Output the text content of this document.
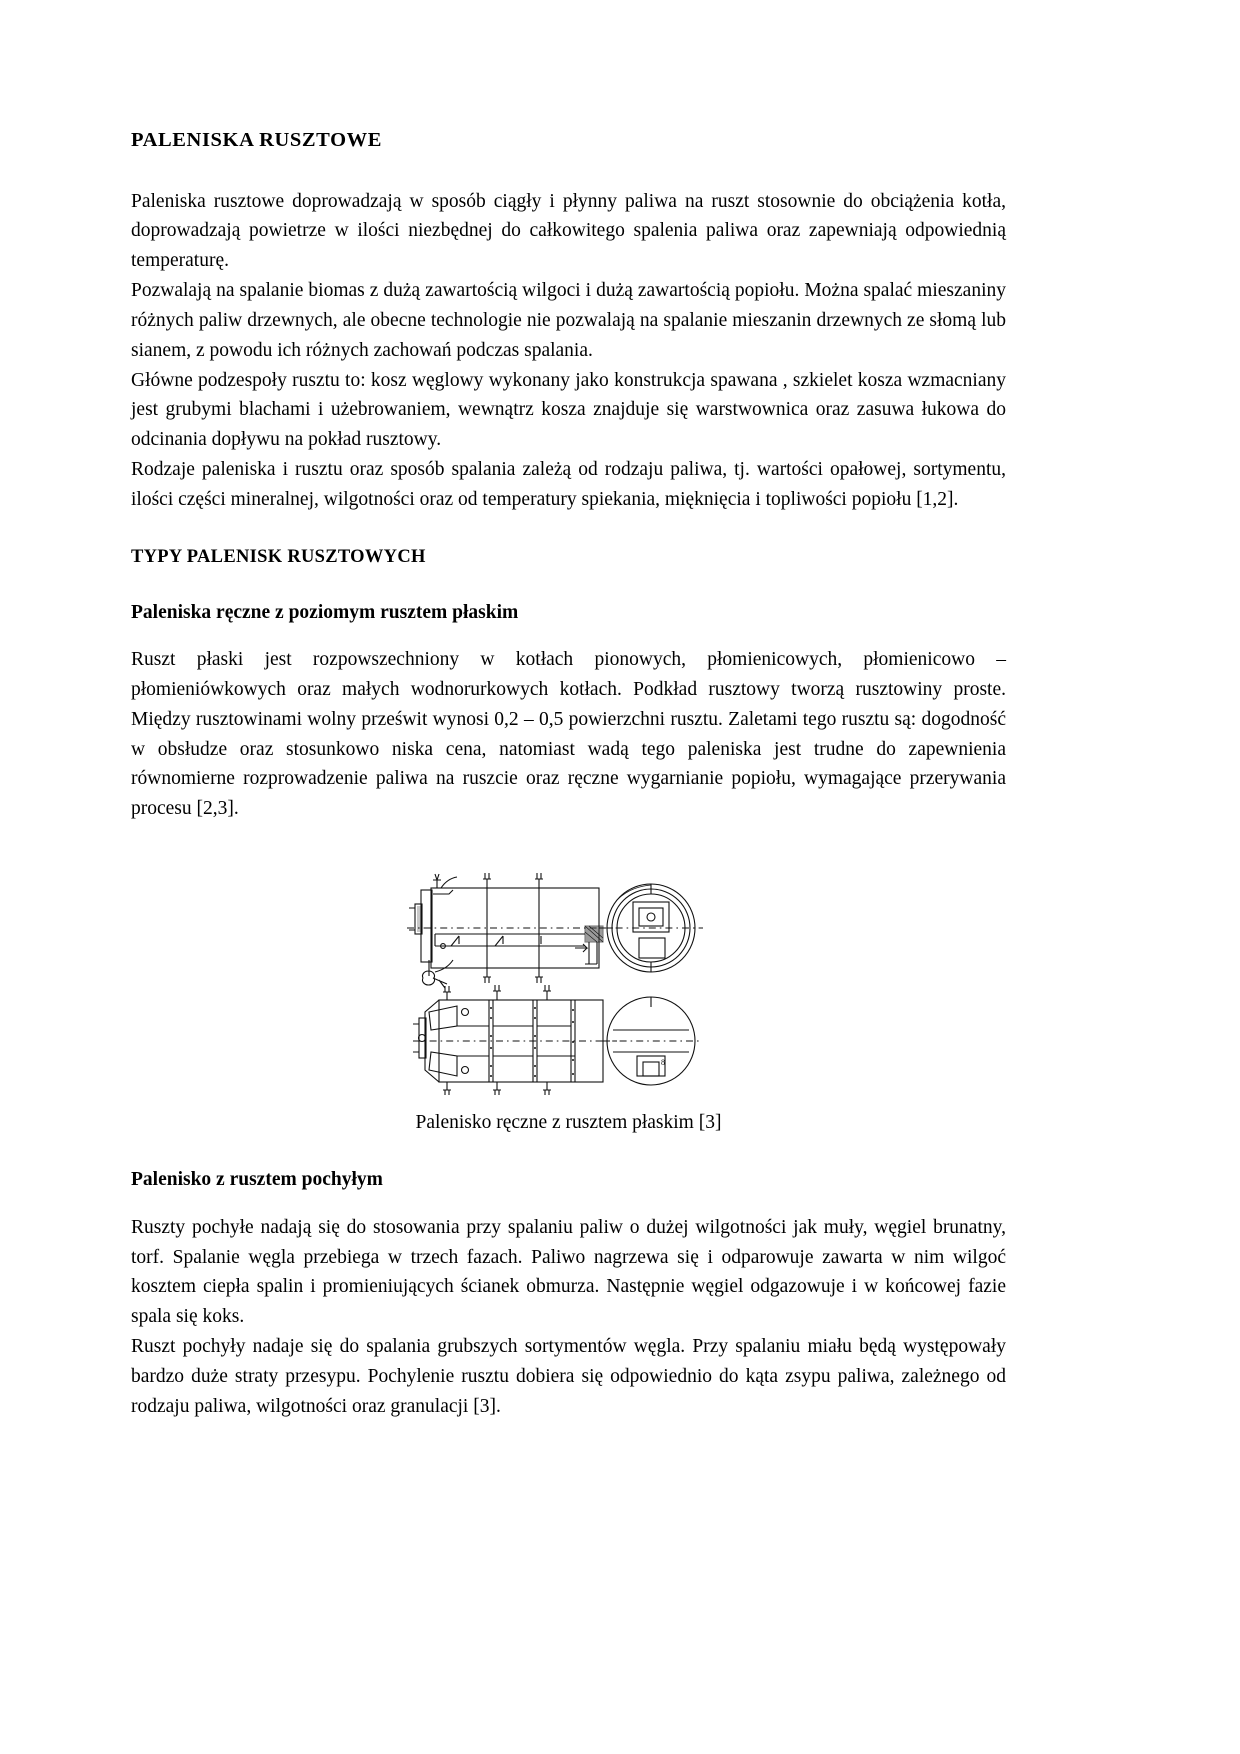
PALENISKA RUSZTOWE

Paleniska rusztowe doprowadzają w sposób ciągły i płynny paliwa na ruszt stosownie do obciążenia kotła, doprowadzają powietrze w ilości niezbędnej do całkowitego spalenia paliwa oraz zapewniają odpowiednią temperaturę.

Pozwalają na spalanie biomas z dużą zawartością wilgoci i dużą zawartością popiołu. Można spalać mieszaniny różnych paliw drzewnych, ale obecne technologie nie pozwalają na spalanie mieszanin drzewnych ze słomą lub sianem, z powodu ich różnych zachowań podczas spalania.

Główne podzespoły rusztu to: kosz węglowy wykonany jako konstrukcja spawana , szkielet kosza wzmacniany jest grubymi blachami i użebrowaniem, wewnątrz kosza znajduje się warstwownica oraz zasuwa łukowa do odcinania dopływu na pokład rusztowy.

Rodzaje paleniska i rusztu oraz sposób spalania zależą od rodzaju paliwa, tj. wartości opałowej, sortymentu, ilości części mineralnej, wilgotności oraz od temperatury spiekania, mięknięcia i topliwości popiołu [1,2].

TYPY PALENISK RUSZTOWYCH
Paleniska ręczne z poziomym rusztem płaskim

Ruszt płaski jest rozpowszechniony w kotłach pionowych, płomienicowych, płomienicowo – płomieniówkowych oraz małych wodnorurkowych kotłach. Podkład rusztowy tworzą rusztowiny proste. Między rusztowinami wolny prześwit wynosi 0,2 – 0,5 powierzchni rusztu. Zaletami tego rusztu są: dogodność w obsłudze oraz stosunkowo niska cena, natomiast wadą tego paleniska jest trudne do zapewnienia równomierne rozprowadzenie paliwa na ruszcie oraz ręczne wygarnianie popiołu, wymagające przerywania procesu [2,3].

8
Palenisko ręczne z rusztem płaskim [3]
Palenisko z rusztem pochyłym

Ruszty pochyłe nadają się do stosowania przy spalaniu paliw o dużej wilgotności jak muły, węgiel brunatny, torf. Spalanie węgla przebiega w trzech fazach. Paliwo nagrzewa się i odparowuje zawarta w nim wilgoć kosztem ciepła spalin i promieniujących ścianek obmurza. Następnie węgiel odgazowuje i w końcowej fazie spala się koks.

Ruszt pochyły nadaje się do spalania grubszych sortymentów węgla. Przy spalaniu miału będą występowały bardzo duże straty przesypu. Pochylenie rusztu dobiera się odpowiednio do kąta zsypu paliwa, zależnego od rodzaju paliwa, wilgotności oraz granulacji [3].
